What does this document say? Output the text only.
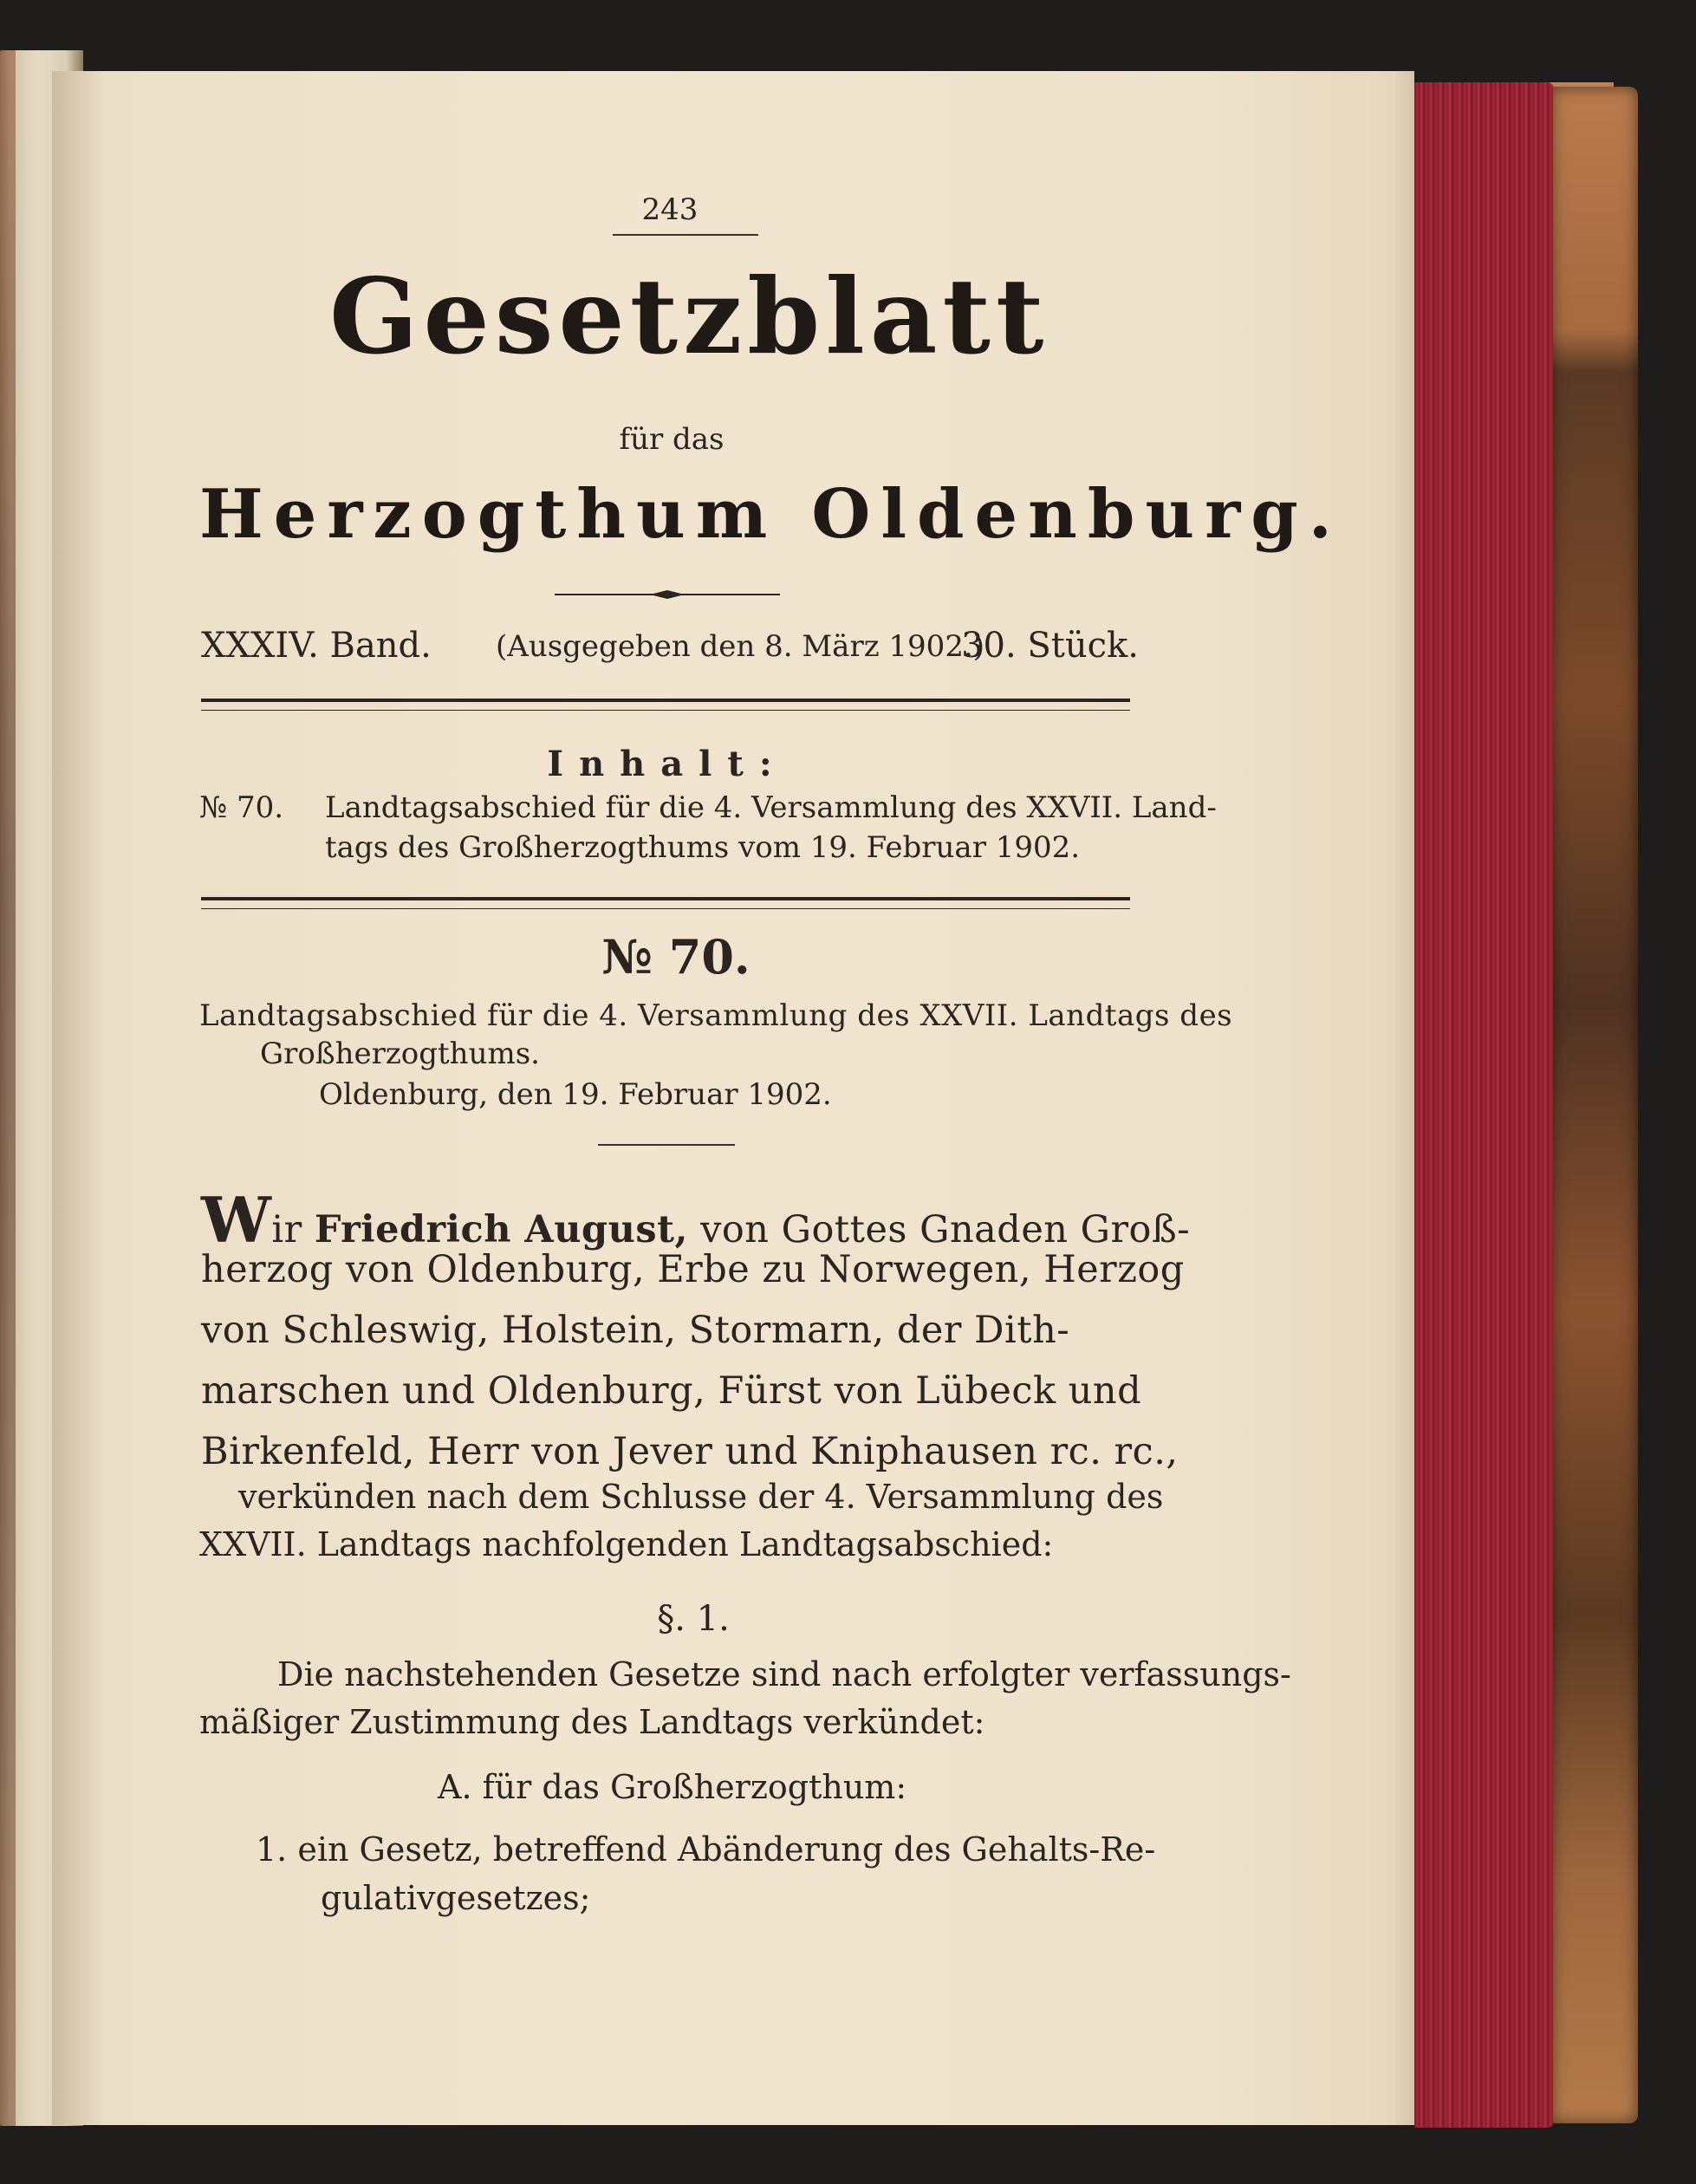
243
Gesetzblatt
für das
Herzogthum Oldenburg.
XXXIV. Band. (Ausgegeben den 8. März 1902.)
30. Stück.
Inhalt:
№ 70. Landtagsabschied für die 4. Versammlung des XXVII. Land-
tags des Großherzogthums vom 19. Februar 1902.
№ 70.
Landtagsabschied für die 4. Versammlung des XXVII. Landtags des
Großherzogthums.
Oldenburg, den 19. Februar 1902.
Wir Friedrich August, von Gottes Gnaden Groß-
herzog von Oldenburg, Erbe zu Norwegen, Herzog
von Schleswig, Holstein, Stormarn, der Dith-
marschen und Oldenburg, Fürst von Lübeck und
Birkenfeld, Herr von Jever und Kniphausen rc. rc.,
verkünden nach dem Schlusse der 4. Versammlung des
XXVII. Landtags nachfolgenden Landtagsabschied:
§. 1.
Die nachstehenden Gesetze sind nach erfolgter verfassungs-
mäßiger Zustimmung des Landtags verkündet:
A. für das Großherzogthum:
1. ein Gesetz, betreffend Abänderung des Gehalts-Re-
gulativgesetzes;
